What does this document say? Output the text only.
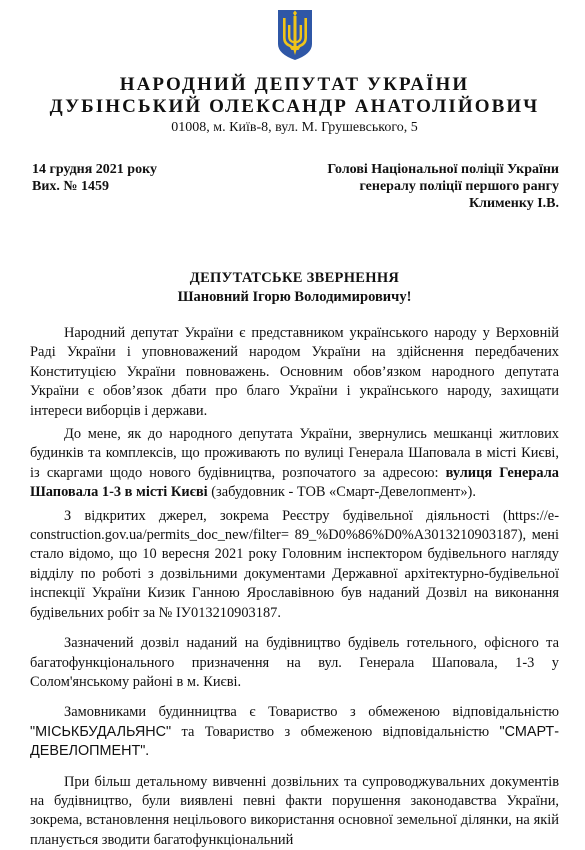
НАРОДНИЙ ДЕПУТАТ УКРАЇНИ
ДУБІНСЬКИЙ ОЛЕКСАНДР АНАТОЛІЙОВИЧ
01008, м. Київ-8, вул. М. Грушевського, 5
14 грудня 2021 року
Вих. № 1459
Голові Національної поліції України
генералу поліції першого рангу
Клименку І.В.
ДЕПУТАТСЬКЕ ЗВЕРНЕННЯ
Шановний Ігорю Володимировичу!

Народний депутат України є представником українського народу у Верховній Раді України і уповноважений народом України на здійснення передбачених Конституцією України повноважень. Основним обов’язком народного депутата України є обов’язок дбати про благо України і українського народу, захищати інтереси виборців і держави.

До мене, як до народного депутата України, звернулись мешканці житлових будинків та комплексів, що проживають по вулиці Генерала Шаповала в місті Києві, із скаргами щодо нового будівництва, розпочатого за адресою: вулиця Генерала Шаповала 1-3 в місті Києві (забудовник - ТОВ «Смарт-Девелопмент»).

З відкритих джерел, зокрема Реєстру будівельної діяльності (https://e-construction.gov.ua/permits_doc_new/filter= 89_%D0%86%D0%A3013210903187), мені стало відомо, що 10 вересня 2021 року Головним інспектором будівельного нагляду відділу по роботі з дозвільними документами Державної архітектурно-будівельної інспекції України Кизик Ганною Ярославівною був наданий Дозвіл на виконання будівельних робіт за № ІУ013210903187.

Зазначений дозвіл наданий на будівництво будівель готельного, офісного та багатофункціонального призначення на вул. Генерала Шаповала, 1-3 у Солом'янському районі в м. Києві.

Замовниками будинництва є Товариство з обмеженою відповідальністю "МІСЬКБУДАЛЬЯНС" та Товариство з обмеженою відповідальністю "СМАРТ-ДЕВЕЛОПМЕНТ".

При більш детальному вивченні дозвільних та супроводжувальних документів на будівництво, були виявлені певні факти порушення законодавства України, зокрема, встановлення нецільового використання основної земельної ділянки, на якій планується зводити багатофункціональний
